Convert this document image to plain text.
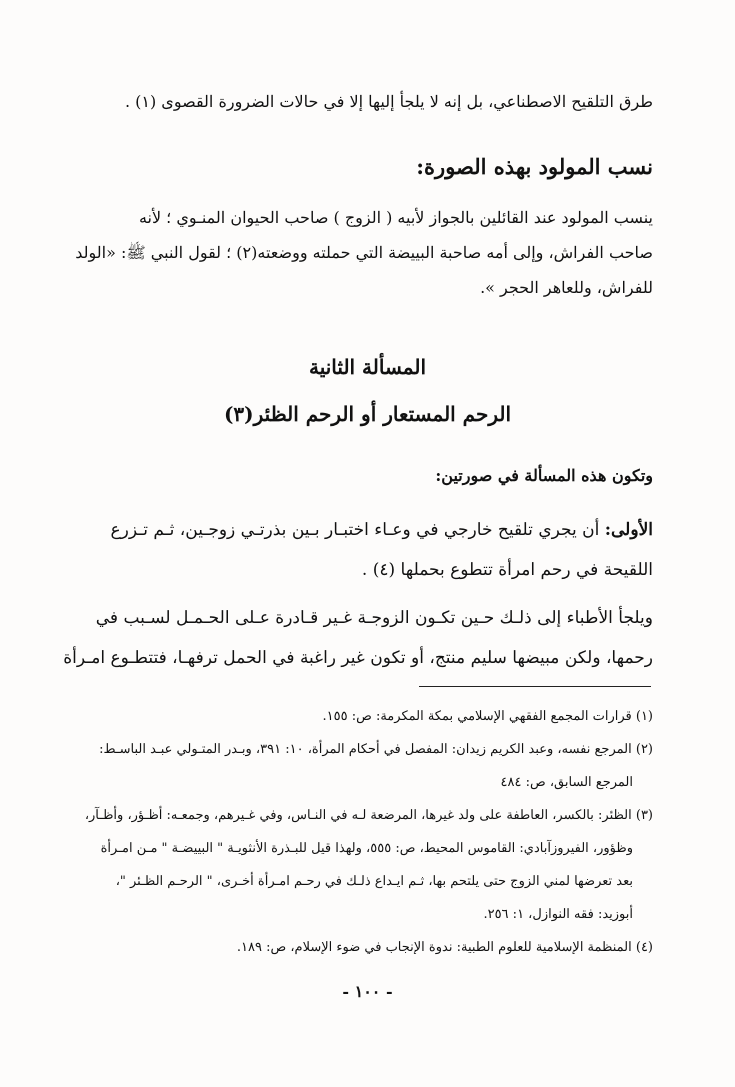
طرق التلقيح الاصطناعي، بل إنه لا يلجأ إليها إلا في حالات الضرورة القصوى (١) .

نسب المولود بهذه الصورة:

ينسب المولود عند القائلين بالجواز لأبيه ( الزوج ) صاحب الحيوان المنـوي ؛ لأنه

صاحب الفراش، وإلى أمه صاحبة البييضة التي حملته ووضعته(٢) ؛ لقول النبي ﷺ: «الولد

للفراش، وللعاهر الحجر ».

المسألة الثانية
الرحم المستعار أو الرحم الظئر(٣)
وتكون هذه المسألة في صورتين:

الأولى: أن يجري تلقيح خارجي في وعـاء اختبـار بـين بذرتـي زوجـين، ثـم تـزرع

اللقيحة في رحم امرأة تتطوع بحملها (٤) .

ويلجأ الأطباء إلى ذلـك حـين تكـون الزوجـة غـير قـادرة عـلى الحـمـل لسـبب في

رحمها، ولكن مبيضها سليم منتج، أو تكون غير راغبة في الحمل ترفهـا، فتتطـوع امـرأة

(١) قرارات المجمع الفقهي الإسلامي بمكة المكرمة: ص: ١٥٥.

(٢) المرجع نفسه، وعبد الكريم زيدان: المفصل في أحكام المرأة، ١٠: ٣٩١، وبـدر المتـولي عبـد الباسـط:

المرجع السابق، ص: ٤٨٤

(٣) الظئر: بالكسر، العاطفة على ولد غيرها، المرضعة لـه في النـاس، وفي غـيرهم، وجمعـه: أظـؤر، وأظـآر،

وظؤور، الفيروزآبادي: القاموس المحيط، ص: ٥٥٥، ولهذا قيل للبـذرة الأنثويـة " البييضـة " مـن امـرأة

بعد تعرضها لمني الزوج حتى يلتحم بها، ثـم ايـداع ذلـك في رحـم امـرأة أخـرى، " الرحـم الظـئر "،

أبوزيد: فقه النوازل، ١: ٢٥٦.

(٤) المنظمة الإسلامية للعلوم الطبية: ندوة الإنجاب في ضوء الإسلام، ص: ١٨٩.

- ١٠٠ -
